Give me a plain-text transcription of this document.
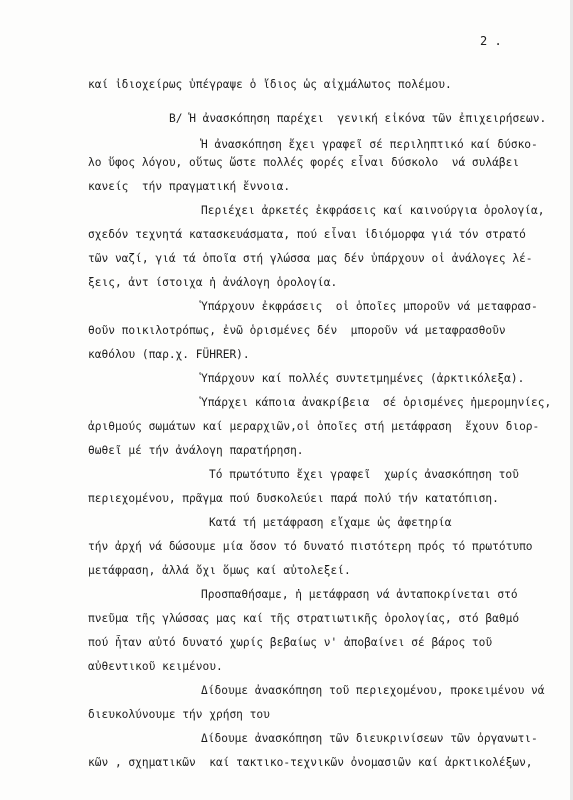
2 .

καί ἰδιοχείρως ὑπέγραψε ὁ ἴδιος ὡς αἰχμάλωτος πολέμου.

Β/ Ἡ ἀνασκόπηση παρέχει  γενική εἰκόνα τῶν ἐπιχειρήσεων.

Ἡ ἀνασκόπηση ἔχει γραφεῖ σέ περιληπτικό καί δύσκο-

λο ὕφος λόγου, οὕτως ὥστε πολλές φορές εἶναι δύσκολο  νά συλάβει

κανείς  τήν πραγματική ἔννοια.

Περιέχει ἀρκετές ἐκφράσεις καί καινούργια ὁρολογία,

σχεδόν τεχνητά κατασκευάσματα, πού εἶναι ἰδιόμορφα γιά τόν στρατό

τῶν ναζί, γιά τά ὁποῖα στή γλώσσα μας δέν ὑπάρχουν οἱ ἀνάλογες λέ-

ξεις, ἀντ ίστοιχα ἡ ἀνάλογη ὁρολογία.

Ὑπάρχουν ἐκφράσεις  οἱ ὁποῖες μποροῦν νά μεταφρασ-

θοῦν ποικιλοτρόπως, ἐνῶ ὁρισμένες δέν  μποροῦν νά μεταφρασθοῦν

καθόλου (παρ.χ. FÜHRER).

Ὑπάρχουν καί πολλές συντετμημένες (ἀρκτικόλεξα).

Ὑπάρχει κάποια ἀνακρίβεια  σέ ὁρισμένες ἡμερομηνίες,

ἀριθμούς σωμάτων καί μεραρχιῶν,οἱ ὁποῖες στή μετάφραση  ἔχουν διορ-

θωθεῖ μέ τήν ἀνάλογη παρατήρηση.

Τό πρωτότυπο ἔχει γραφεῖ  χωρίς ἀνασκόπηση τοῦ

περιεχομένου, πρᾶγμα πού δυσκολεύει παρά πολύ τήν κατατόπιση.

Κατά τή μετάφραση εἴχαμε ὡς ἀφετηρία

τήν ἀρχή νά δώσουμε μία ὅσον τό δυνατό πιστότερη πρός τό πρωτότυπο

μετάφραση, ἀλλά ὄχι ὅμως καί αὐτολεξεί.

Προσπαθήσαμε, ἡ μετάφραση νά ἀνταποκρίνεται στό

πνεῦμα τῆς γλώσσας μας καί τῆς στρατιωτικῆς ὁρολογίας, στό βαθμό

πού ἦταν αὐτό δυνατό χωρίς βεβαίως ν' ἀποβαίνει σέ βάρος τοῦ

αὐθεντικοῦ κειμένου.

Δίδουμε ἀνασκόπηση τοῦ περιεχομένου, προκειμένου νά

διευκολύνουμε τήν χρήση του

Δίδουμε ἀνασκόπηση τῶν διευκρινίσεων τῶν ὀργανωτι-

κῶν , σχηματικῶν  καί τακτικο-τεχνικῶν ὀνομασιῶν καί ἀρκτικολέξων,
